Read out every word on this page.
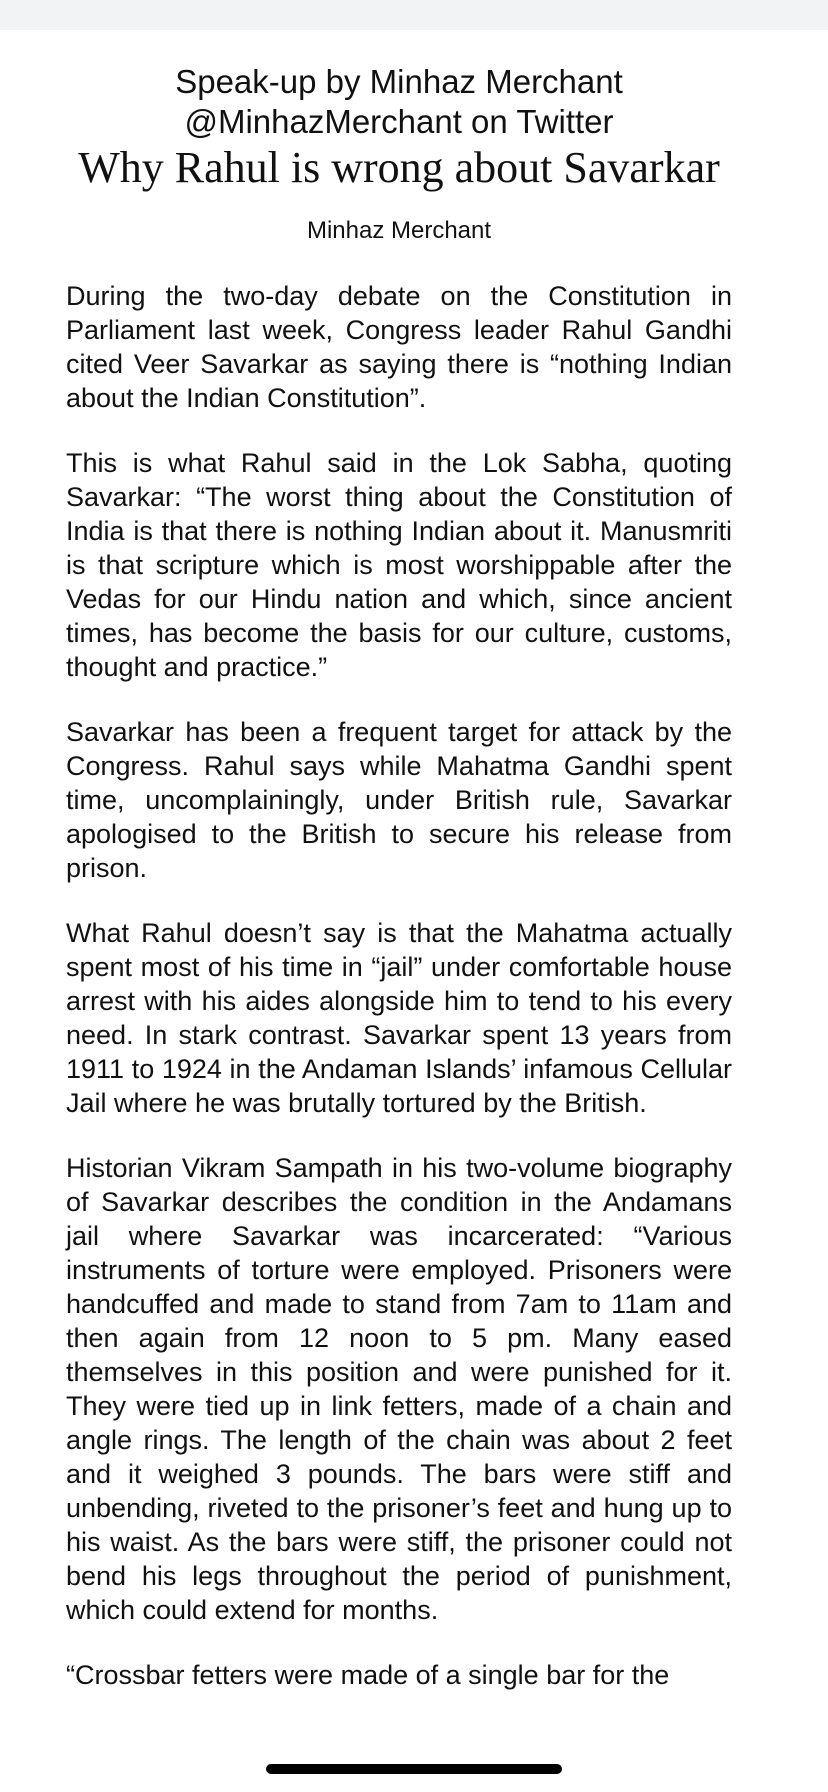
Speak-up by Minhaz Merchant
@MinhazMerchant on Twitter
Why Rahul is wrong about Savarkar
Minhaz Merchant

During the two-day debate on the Constitution in Parliament last week, Congress leader Rahul Gandhi cited Veer Savarkar as saying there is “nothing Indian about the Indian Constitution”.

This is what Rahul said in the Lok Sabha, quoting Savarkar: “The worst thing about the Constitution of India is that there is nothing Indian about it. Manusmriti is that scripture which is most worshippable after the Vedas for our Hindu nation and which, since ancient times, has become the basis for our culture, customs, thought and practice.”

Savarkar has been a frequent target for attack by the Congress. Rahul says while Mahatma Gandhi spent time, uncomplainingly, under British rule, Savarkar apologised to the British to secure his release from prison.

What Rahul doesn’t say is that the Mahatma actually spent most of his time in “jail” under comfortable house arrest with his aides alongside him to tend to his every need. In stark contrast. Savarkar spent 13 years from 1911 to 1924 in the Andaman Islands’ infamous Cellular Jail where he was brutally tortured by the British.

Historian Vikram Sampath in his two-volume biography of Savarkar describes the condition in the Andamans jail where Savarkar was incarcerated: “Various instruments of torture were employed. Prisoners were handcuffed and made to stand from 7am to 11am and then again from 12 noon to 5 pm. Many eased themselves in this position and were punished for it. They were tied up in link fetters, made of a chain and angle rings. The length of the chain was about 2 feet and it weighed 3 pounds. The bars were stiff and unbending, riveted to the prisoner’s feet and hung up to his waist. As the bars were stiff, the prisoner could not bend his legs throughout the period of punishment, which could extend for months.

“Crossbar fetters were made of a single bar for the
